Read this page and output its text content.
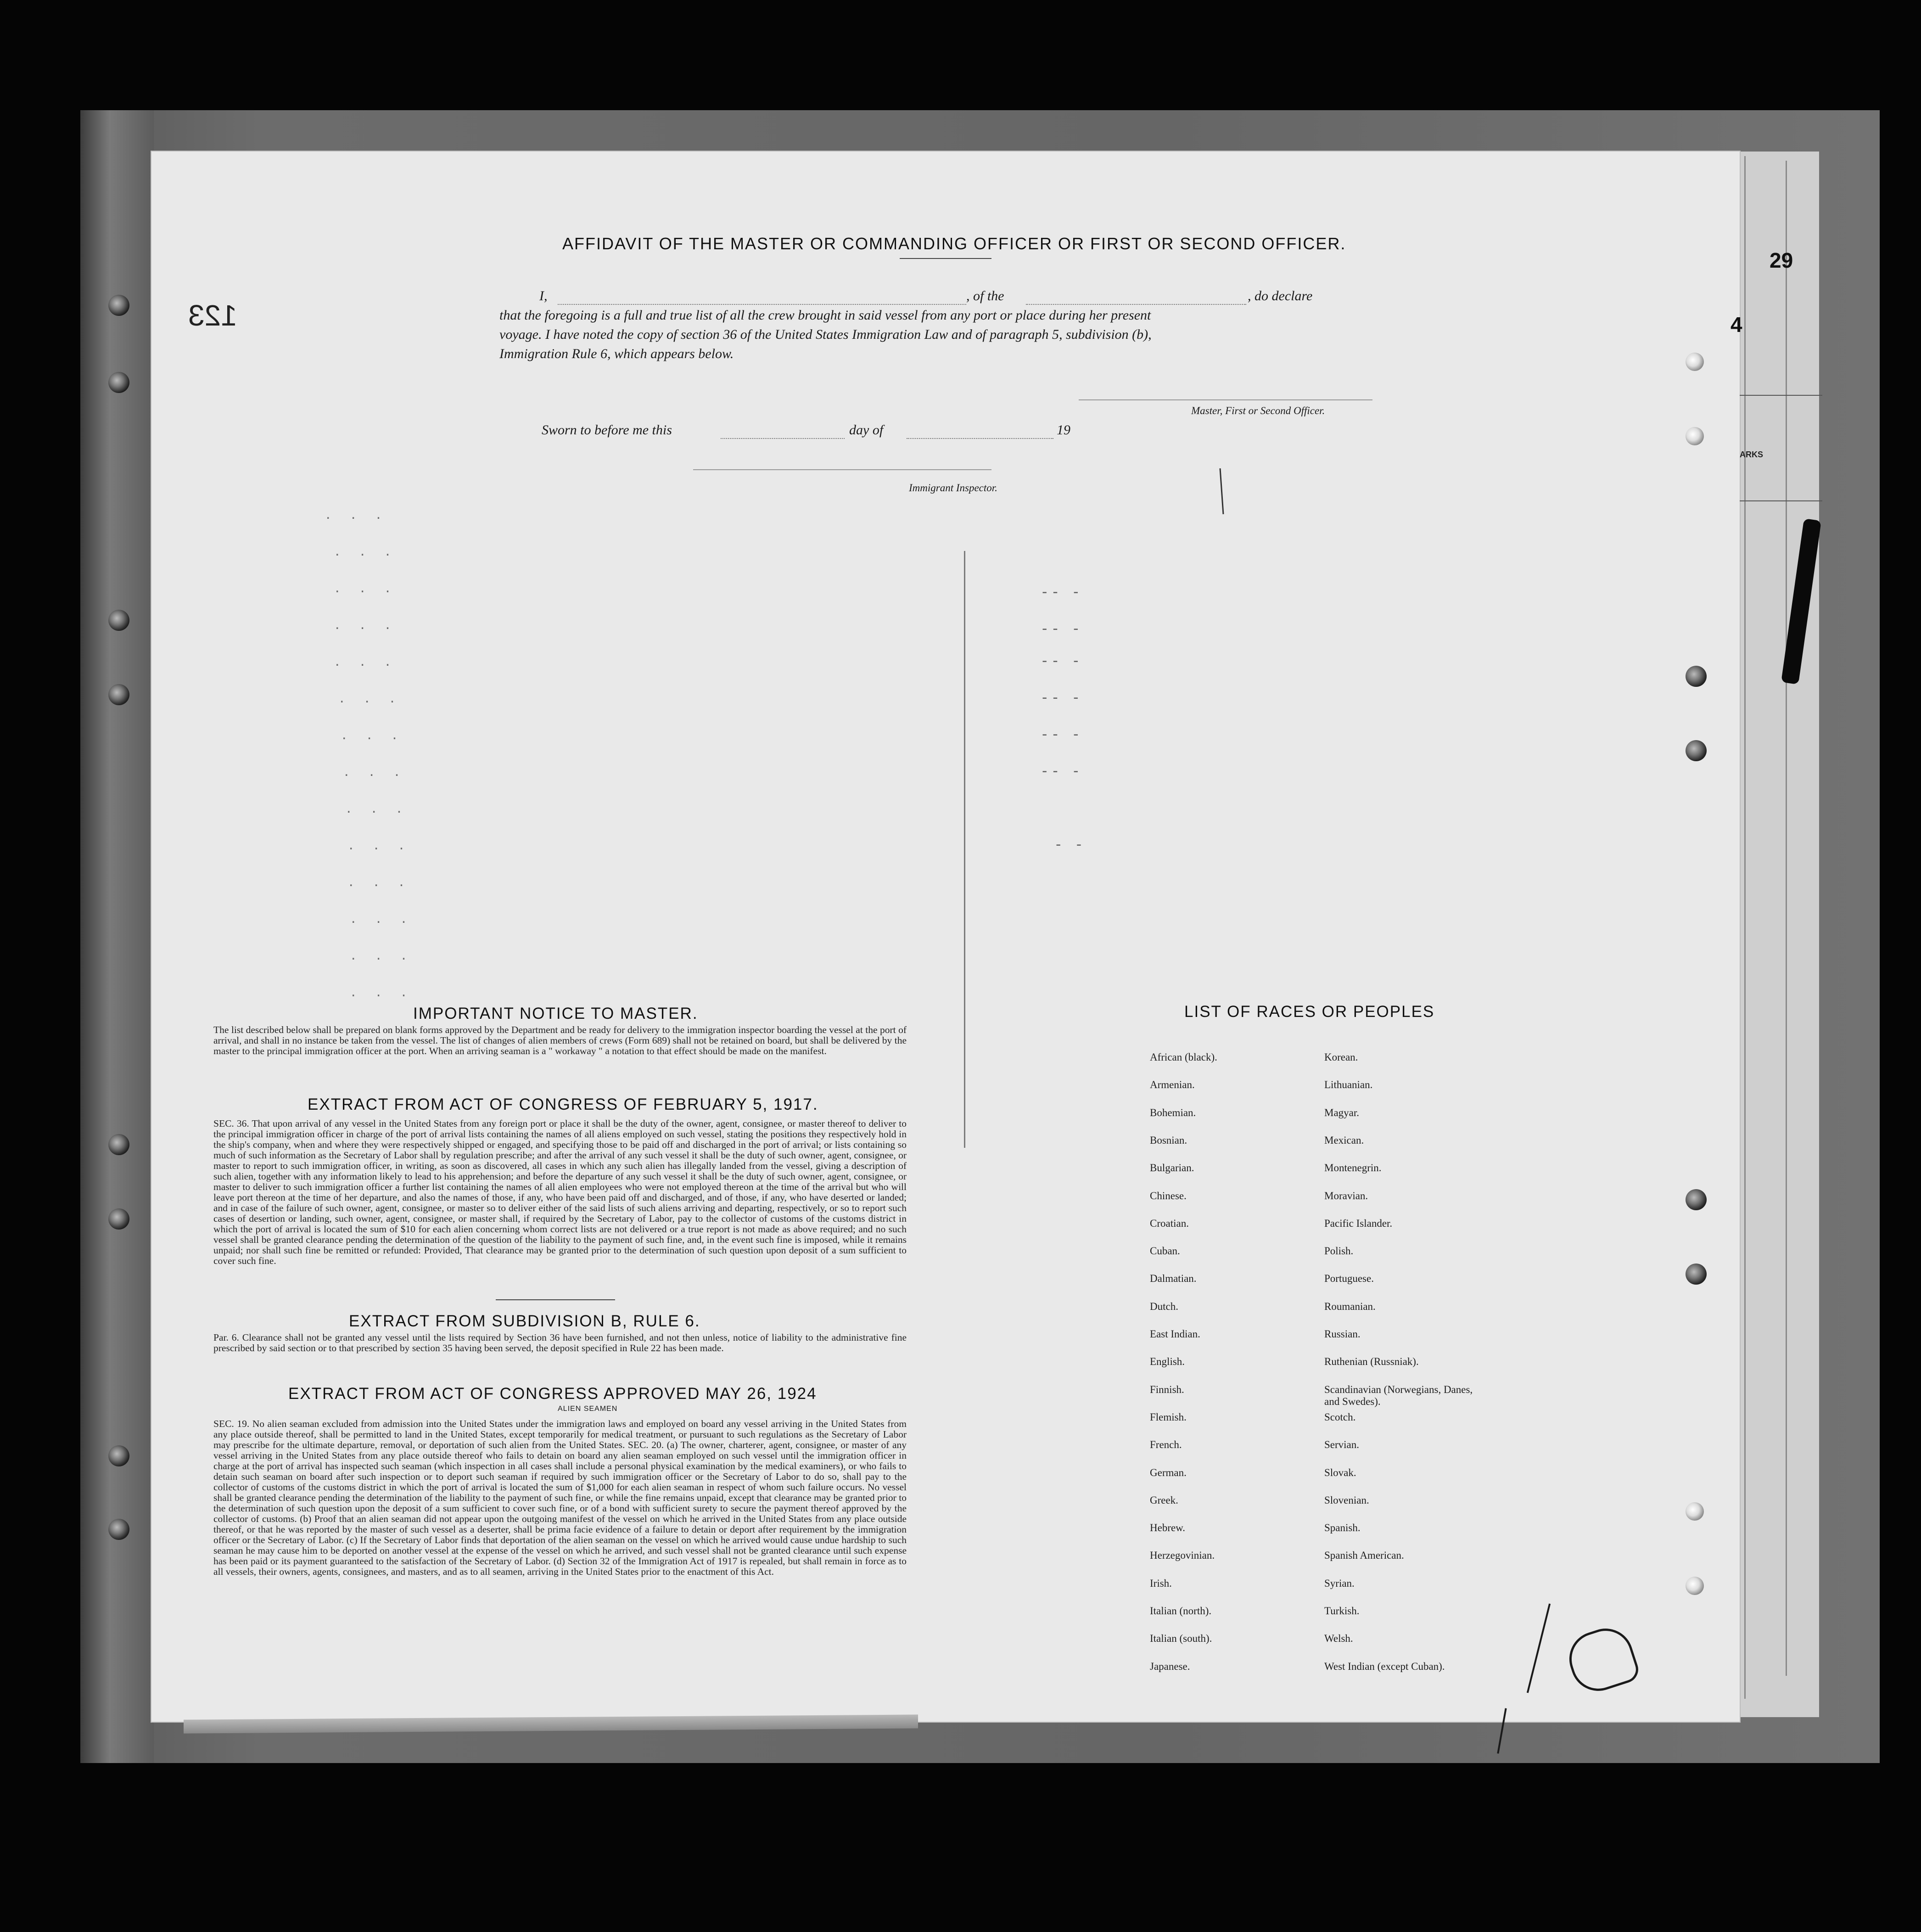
29
4
ARKS
123
. . .
. . .
. . .
. . .
. . .
. . .
. . .
. . .
. . .
. . .
. . .
. . .
. . .
. . .
-- -
-- -
-- -
-- -
-- -
-- -
- -
AFFIDAVIT OF THE MASTER OR COMMANDING OFFICER OR FIRST OR SECOND OFFICER.
I,	, of the	, do declare
that the foregoing is a full and true list of all the crew brought in said vessel from any port or place during her present
voyage. I have noted the copy of section 36 of the United States Immigration Law and of paragraph 5, subdivision (b),
Immigration Rule 6, which appears below.
Master, First or Second Officer.
Sworn to before me this	day of	19
Immigrant Inspector.
IMPORTANT NOTICE TO MASTER.
The list described below shall be prepared on blank forms approved by the Department and be ready for delivery to the immigration inspector boarding the vessel at the port of arrival, and shall in no instance be taken from the vessel. The list of changes of alien members of crews (Form 689) shall not be retained on board, but shall be delivered by the master to the principal immigration officer at the port. When an arriving seaman is a " workaway " a notation to that effect should be made on the manifest.
EXTRACT FROM ACT OF CONGRESS OF FEBRUARY 5, 1917.
SEC. 36. That upon arrival of any vessel in the United States from any foreign port or place it shall be the duty of the owner, agent, consignee, or master thereof to deliver to the principal immigration officer in charge of the port of arrival lists containing the names of all aliens employed on such vessel, stating the positions they respectively hold in the ship's company, when and where they were respectively shipped or engaged, and specifying those to be paid off and discharged in the port of arrival; or lists containing so much of such information as the Secretary of Labor shall by regulation prescribe; and after the arrival of any such vessel it shall be the duty of such owner, agent, consignee, or master to report to such immigration officer, in writing, as soon as discovered, all cases in which any such alien has illegally landed from the vessel, giving a description of such alien, together with any information likely to lead to his apprehension; and before the departure of any such vessel it shall be the duty of such owner, agent, consignee, or master to deliver to such immigration officer a further list containing the names of all alien employees who were not employed thereon at the time of the arrival but who will leave port thereon at the time of her departure, and also the names of those, if any, who have been paid off and discharged, and of those, if any, who have deserted or landed; and in case of the failure of such owner, agent, consignee, or master so to deliver either of the said lists of such aliens arriving and departing, respectively, or so to report such cases of desertion or landing, such owner, agent, consignee, or master shall, if required by the Secretary of Labor, pay to the collector of customs of the customs district in which the port of arrival is located the sum of $10 for each alien concerning whom correct lists are not delivered or a true report is not made as above required; and no such vessel shall be granted clearance pending the determination of the question of the liability to the payment of such fine, and, in the event such fine is imposed, while it remains unpaid; nor shall such fine be remitted or refunded: Provided, That clearance may be granted prior to the determination of such question upon deposit of a sum sufficient to cover such fine.
EXTRACT FROM SUBDIVISION B, RULE 6.
Par. 6. Clearance shall not be granted any vessel until the lists required by Section 36 have been furnished, and not then unless, notice of liability to the administrative fine prescribed by said section or to that prescribed by section 35 having been served, the deposit specified in Rule 22 has been made.
EXTRACT FROM ACT OF CONGRESS APPROVED MAY 26, 1924
ALIEN SEAMEN
SEC. 19. No alien seaman excluded from admission into the United States under the immigration laws and employed on board any vessel arriving in the United States from any place outside thereof, shall be permitted to land in the United States, except temporarily for medical treatment, or pursuant to such regulations as the Secretary of Labor may prescribe for the ultimate departure, removal, or deportation of such alien from the United States. SEC. 20. (a) The owner, charterer, agent, consignee, or master of any vessel arriving in the United States from any place outside thereof who fails to detain on board any alien seaman employed on such vessel until the immigration officer in charge at the port of arrival has inspected such seaman (which inspection in all cases shall include a personal physical examination by the medical examiners), or who fails to detain such seaman on board after such inspection or to deport such seaman if required by such immigration officer or the Secretary of Labor to do so, shall pay to the collector of customs of the customs district in which the port of arrival is located the sum of $1,000 for each alien seaman in respect of whom such failure occurs. No vessel shall be granted clearance pending the determination of the liability to the payment of such fine, or while the fine remains unpaid, except that clearance may be granted prior to the determination of such question upon the deposit of a sum sufficient to cover such fine, or of a bond with sufficient surety to secure the payment thereof approved by the collector of customs. (b) Proof that an alien seaman did not appear upon the outgoing manifest of the vessel on which he arrived in the United States from any place outside thereof, or that he was reported by the master of such vessel as a deserter, shall be prima facie evidence of a failure to detain or deport after requirement by the immigration officer or the Secretary of Labor. (c) If the Secretary of Labor finds that deportation of the alien seaman on the vessel on which he arrived would cause undue hardship to such seaman he may cause him to be deported on another vessel at the expense of the vessel on which he arrived, and such vessel shall not be granted clearance until such expense has been paid or its payment guaranteed to the satisfaction of the Secretary of Labor. (d) Section 32 of the Immigration Act of 1917 is repealed, but shall remain in force as to all vessels, their owners, agents, consignees, and masters, and as to all seamen, arriving in the United States prior to the enactment of this Act.
LIST OF RACES OR PEOPLES
African (black).
Armenian.
Bohemian.
Bosnian.
Bulgarian.
Chinese.
Croatian.
Cuban.
Dalmatian.
Dutch.
East Indian.
English.
Finnish.
Flemish.
French.
German.
Greek.
Hebrew.
Herzegovinian.
Irish.
Italian (north).
Italian (south).
Japanese.
Korean.
Lithuanian.
Magyar.
Mexican.
Montenegrin.
Moravian.
Pacific Islander.
Polish.
Portuguese.
Roumanian.
Russian.
Ruthenian (Russniak).
Scandinavian (Norwegians, Danes, and Swedes).
Scotch.
Servian.
Slovak.
Slovenian.
Spanish.
Spanish American.
Syrian.
Turkish.
Welsh.
West Indian (except Cuban).
